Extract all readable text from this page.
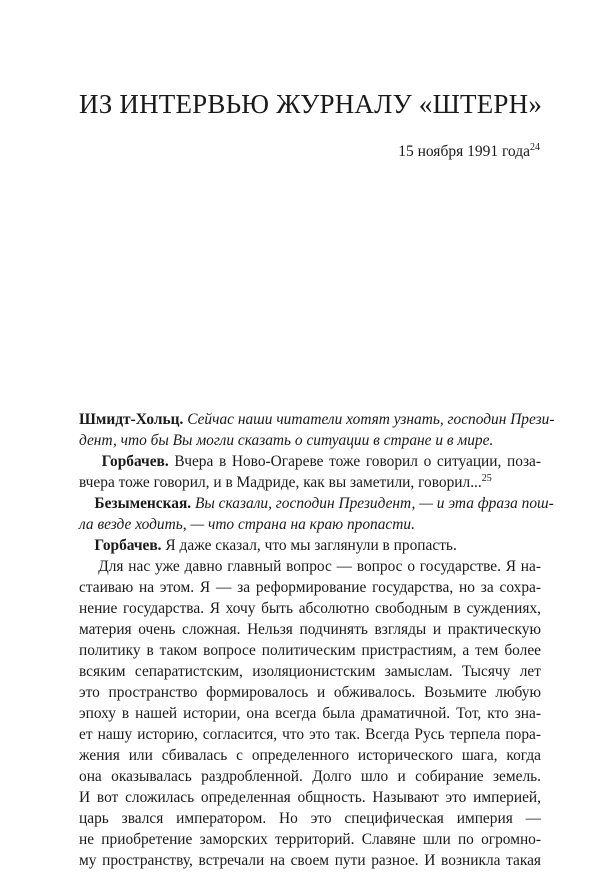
ИЗ ИНТЕРВЬЮ ЖУРНАЛУ «ШТЕРН»
15 ноября 1991 года$^{24}$
Шмидт-Хольц. Сейчас наши читатели хотят узнать, господин Прези-
дент, что бы Вы могли сказать о ситуации в стране и в мире.
​    Горбачев. Вчера в Ново-Огареве тоже говорил о ситуации, поза-
вчера тоже говорил, и в Мадриде, как вы заметили, говорил...$^{25}$
​    Безыменская. Вы сказали, господин Президент, — и эта фраза пош-
ла везде ходить, — что страна на краю пропасти.
​    Горбачев. Я даже сказал, что мы заглянули в пропасть.
​    Для нас уже давно главный вопрос — вопрос о государстве. Я на-
стаиваю на этом. Я — за реформирование государства, но за сохра-
нение государства. Я хочу быть абсолютно свободным в суждениях,
материя очень сложная. Нельзя подчинять взгляды и практическую
политику в таком вопросе политическим пристрастиям, а тем более
всяким сепаратистским, изоляционистским замыслам. Тысячу лет
это пространство формировалось и обживалось. Возьмите любую
эпоху в нашей истории, она всегда была драматичной. Тот, кто зна-
ет нашу историю, согласится, что это так. Всегда Русь терпела пора-
жения или сбивалась с определенного исторического шага, когда
она оказывалась раздробленной. Долго шло и собирание земель.
И вот сложилась определенная общность. Называют это империей,
царь звался императором. Но это специфическая империя —
не приобретение заморских территорий. Славяне шли по огромно-
му пространству, встречали на своем пути разное. И возникла такая
